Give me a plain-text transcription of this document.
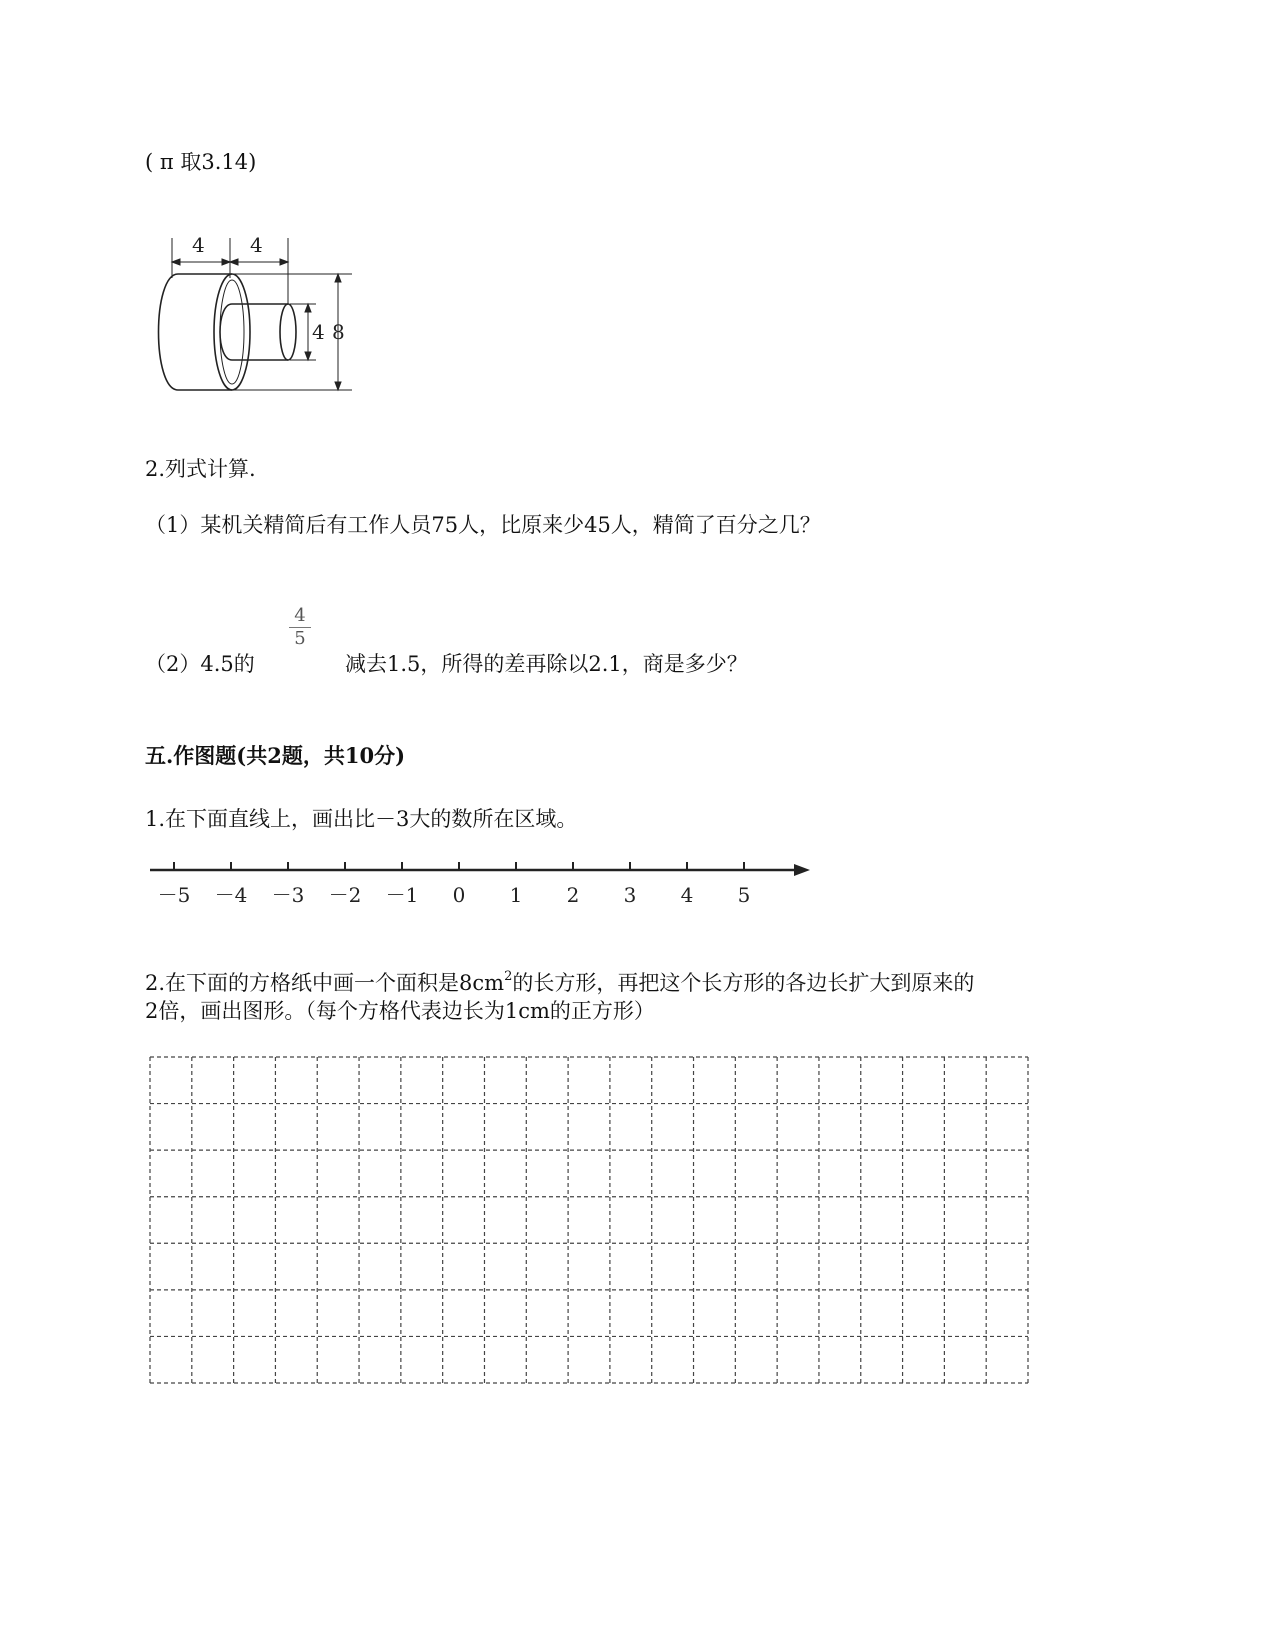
( π 取3.14)
4 4
4 8
2.列式计算.
（1）某机关精简后有工作人员75人，比原来少45人，精简了百分之几？
（2）4.5的
4
5
减去1.5，所得的差再除以2.1，商是多少？
五.作图题(共2题，共10分)
1.在下面直线上，画出比－3大的数所在区域。
－5 －4 －3 －2 －1 0 1 2 3 4 5
2.在下面的方格纸中画一个面积是$8cm^2$的长方形，再把这个长方形的各边长扩大到原来的
2倍，画出图形。（每个方格代表边长为1cm的正方形）
